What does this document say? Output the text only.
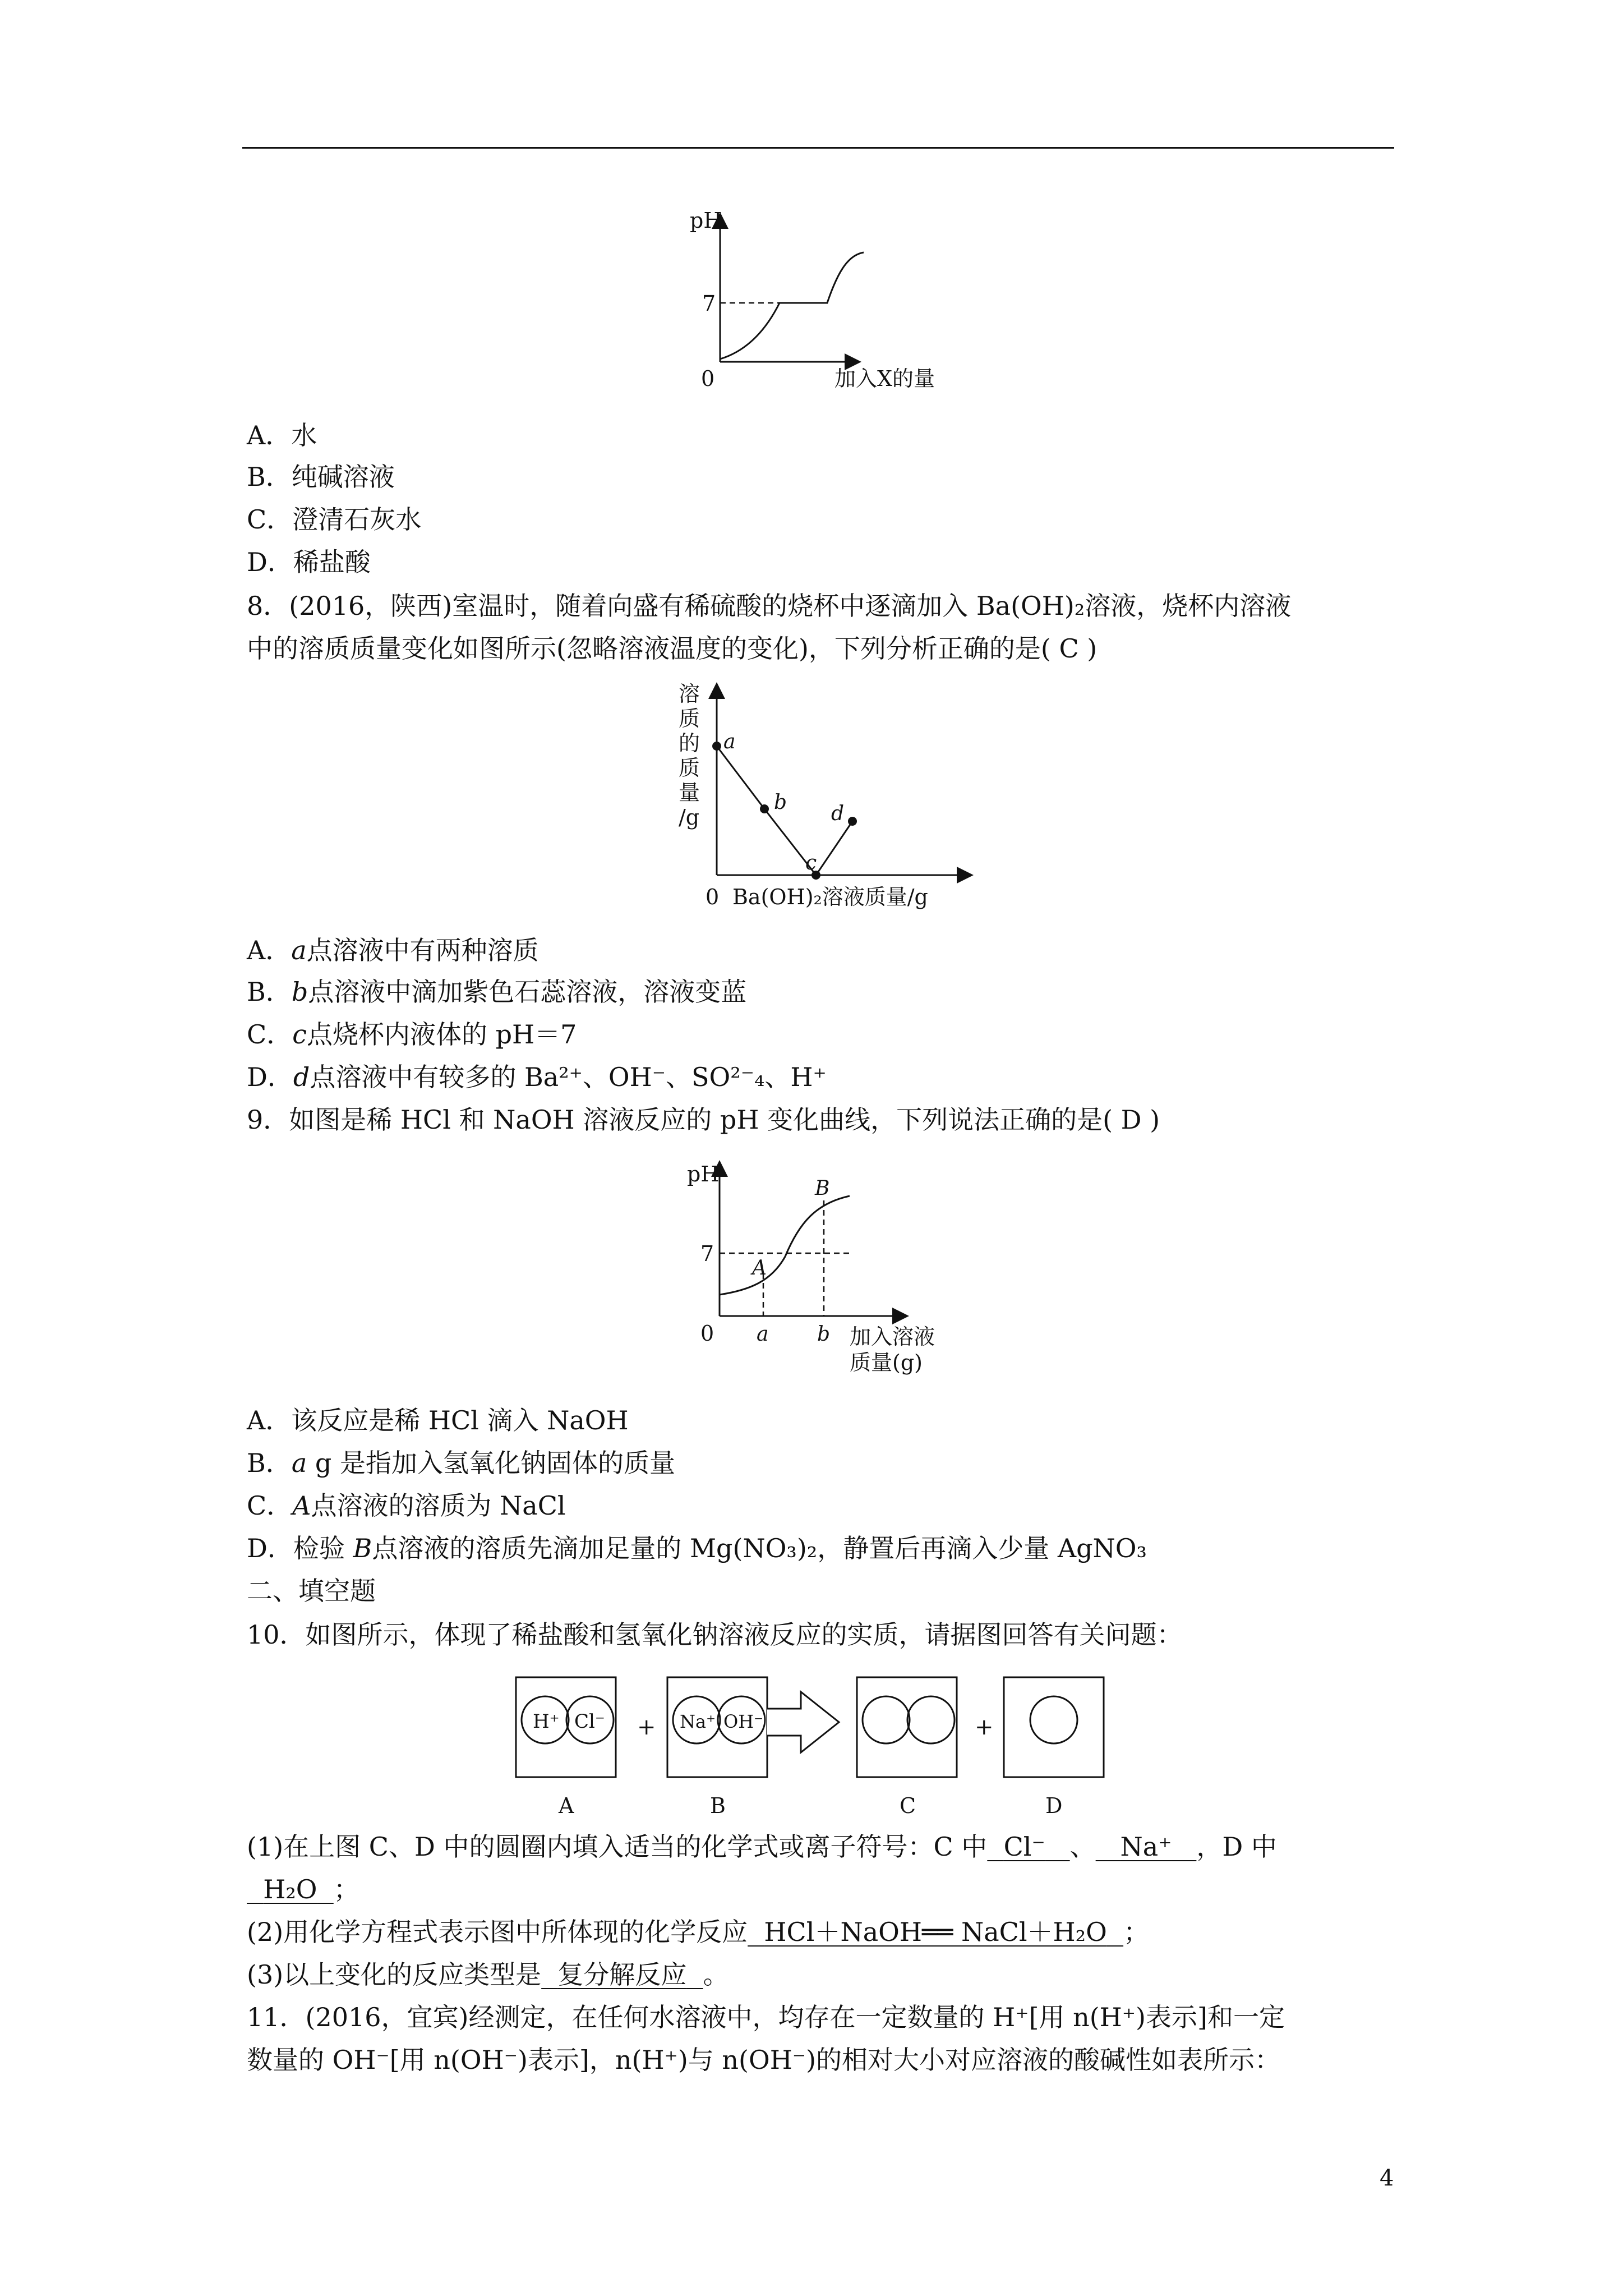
pH
7
0	加入X的量
A．水
B．纯碱溶液
C．澄清石灰水
D．稀盐酸
8．(2016，陕西)室温时，随着向盛有稀硫酸的烧杯中逐滴加入 Ba(OH)₂溶液，烧杯内溶液
中的溶质质量变化如图所示(忽略溶液温度的变化)，下列分析正确的是( C )
a
b
c
d
溶
质
的
质
量
/g
0 Ba(OH)₂溶液质量/g
A．a点溶液中有两种溶质
B．b点溶液中滴加紫色石蕊溶液，溶液变蓝
C．c点烧杯内液体的 pH＝7
D．d点溶液中有较多的 Ba²⁺、OH⁻、SO²⁻₄、H⁺
9．如图是稀 HCl 和 NaOH 溶液反应的 pH 变化曲线，下列说法正确的是( D )
pH
7
0 a b
A
B
加入溶液
质量(g)
A．该反应是稀 HCl 滴入 NaOH
B．a g 是指加入氢氧化钠固体的质量
C．A点溶液的溶质为 NaCl
D．检验 B点溶液的溶质先滴加足量的 Mg(NO₃)₂，静置后再滴入少量 AgNO₃
二、填空题
10．如图所示，体现了稀盐酸和氢氧化钠溶液反应的实质，请据图回答有关问题：
H⁺ Cl⁻ + Na⁺ OH⁻	+
A	B	C	D
(1)在上图 C、D 中的圆圈内填入适当的化学式或离子符号：C 中 Cl⁻ 、 Na⁺ ，D 中
H₂O ；
(2)用化学方程式表示图中所体现的化学反应 HCl＋NaOH══ NaCl＋H₂O ；
(3)以上变化的反应类型是 复分解反应 。
11．(2016，宜宾)经测定，在任何水溶液中，均存在一定数量的 H⁺[用 n(H⁺)表示]和一定
数量的 OH⁻[用 n(OH⁻)表示]，n(H⁺)与 n(OH⁻)的相对大小对应溶液的酸碱性如表所示：
4
